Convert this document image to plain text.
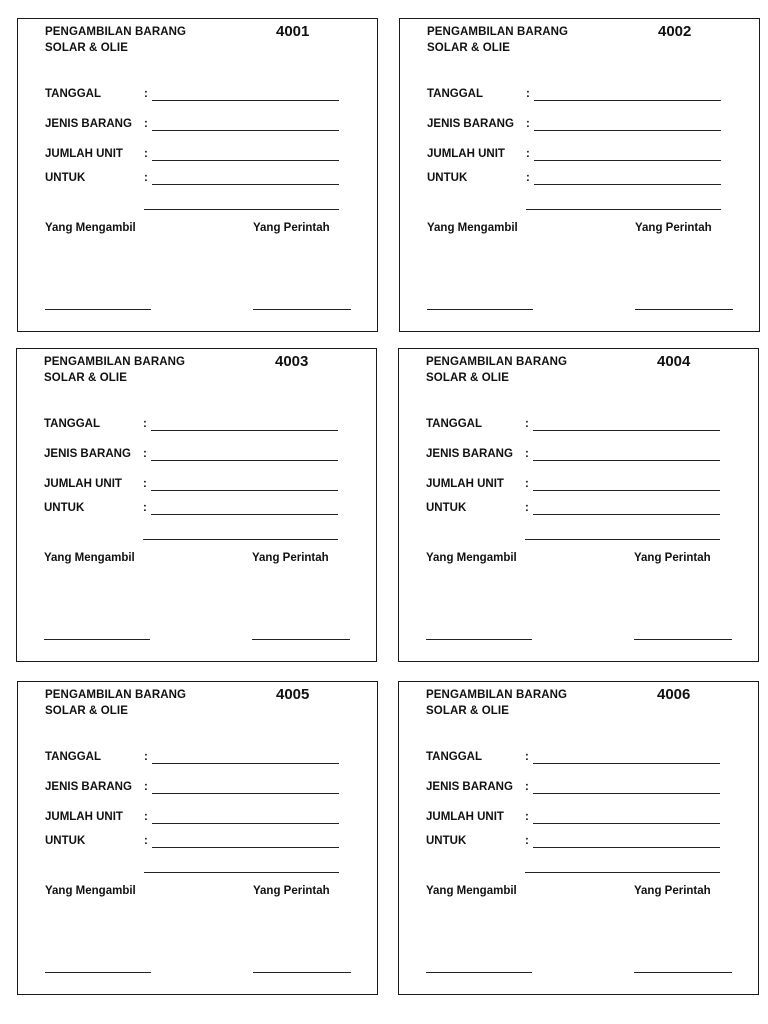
PENGAMBILAN BARANG
SOLAR & OLIE
4001
TANGGAL	:
JENIS BARANG :
JUMLAH UNIT :
UNTUK	:
Yang Mengambil	Yang Perintah
PENGAMBILAN BARANG
SOLAR & OLIE
4002
TANGGAL	:
JENIS BARANG :
JUMLAH UNIT :
UNTUK	:
Yang Mengambil	Yang Perintah
PENGAMBILAN BARANG
SOLAR & OLIE
4003
TANGGAL	:
JENIS BARANG :
JUMLAH UNIT :
UNTUK	:
Yang Mengambil	Yang Perintah
PENGAMBILAN BARANG
SOLAR & OLIE
4004
TANGGAL	:
JENIS BARANG :
JUMLAH UNIT :
UNTUK	:
Yang Mengambil	Yang Perintah
PENGAMBILAN BARANG
SOLAR & OLIE
4005
TANGGAL	:
JENIS BARANG :
JUMLAH UNIT :
UNTUK	:
Yang Mengambil	Yang Perintah
PENGAMBILAN BARANG
SOLAR & OLIE
4006
TANGGAL	:
JENIS BARANG :
JUMLAH UNIT :
UNTUK	:
Yang Mengambil	Yang Perintah
